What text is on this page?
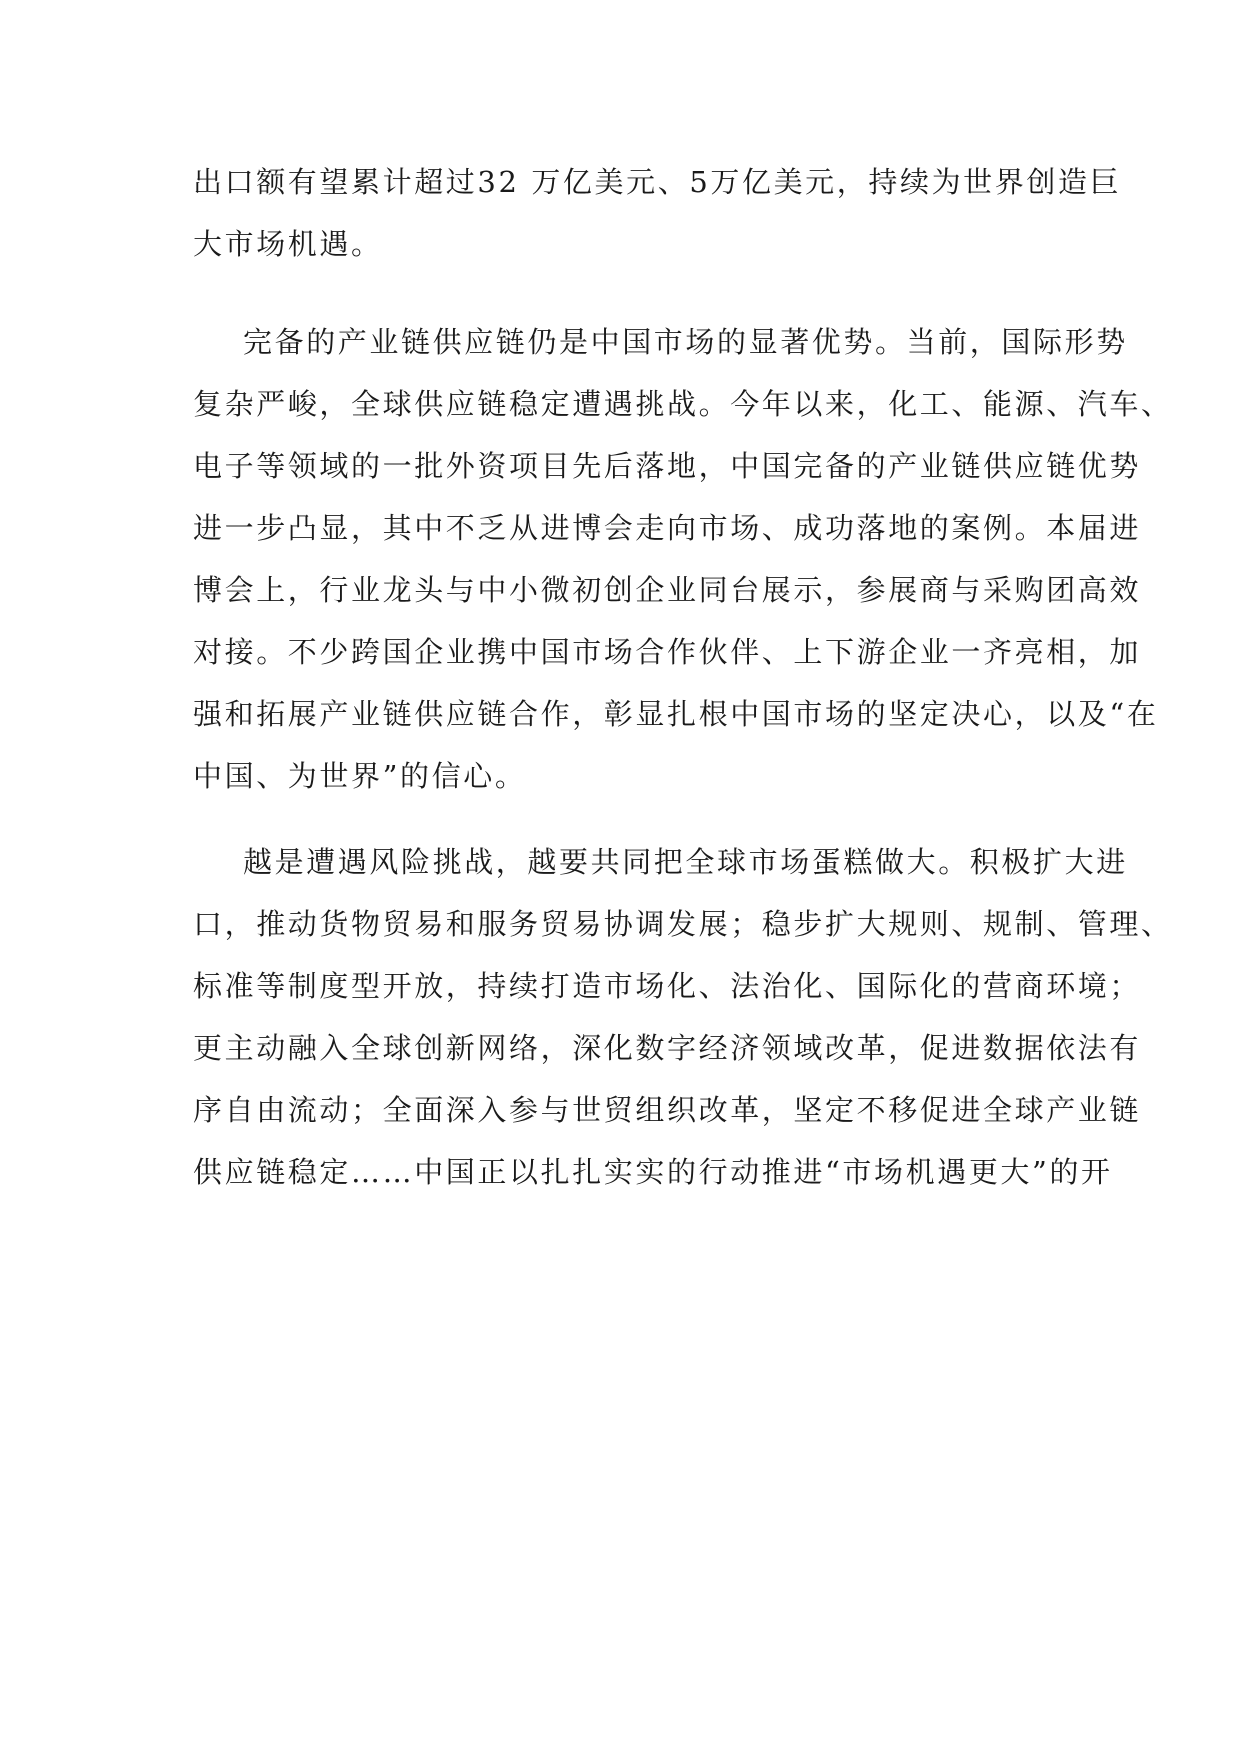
出口额有望累计超过32 万亿美元、5万亿美元，持续为世界创造巨
大市场机遇。
完备的产业链供应链仍是中国市场的显著优势。当前，国际形势
复杂严峻，全球供应链稳定遭遇挑战。今年以来，化工、能源、汽车、
电子等领域的一批外资项目先后落地，中国完备的产业链供应链优势
进一步凸显，其中不乏从进博会走向市场、成功落地的案例。本届进
博会上，行业龙头与中小微初创企业同台展示，参展商与采购团高效
对接。不少跨国企业携中国市场合作伙伴、上下游企业一齐亮相，加
强和拓展产业链供应链合作，彰显扎根中国市场的坚定决心，以及“在
中国、为世界”的信心。
越是遭遇风险挑战，越要共同把全球市场蛋糕做大。积极扩大进
口，推动货物贸易和服务贸易协调发展；稳步扩大规则、规制、管理、
标准等制度型开放，持续打造市场化、法治化、国际化的营商环境；
更主动融入全球创新网络，深化数字经济领域改革，促进数据依法有
序自由流动；全面深入参与世贸组织改革，坚定不移促进全球产业链
供应链稳定……中国正以扎扎实实的行动推进“市场机遇更大”的开
